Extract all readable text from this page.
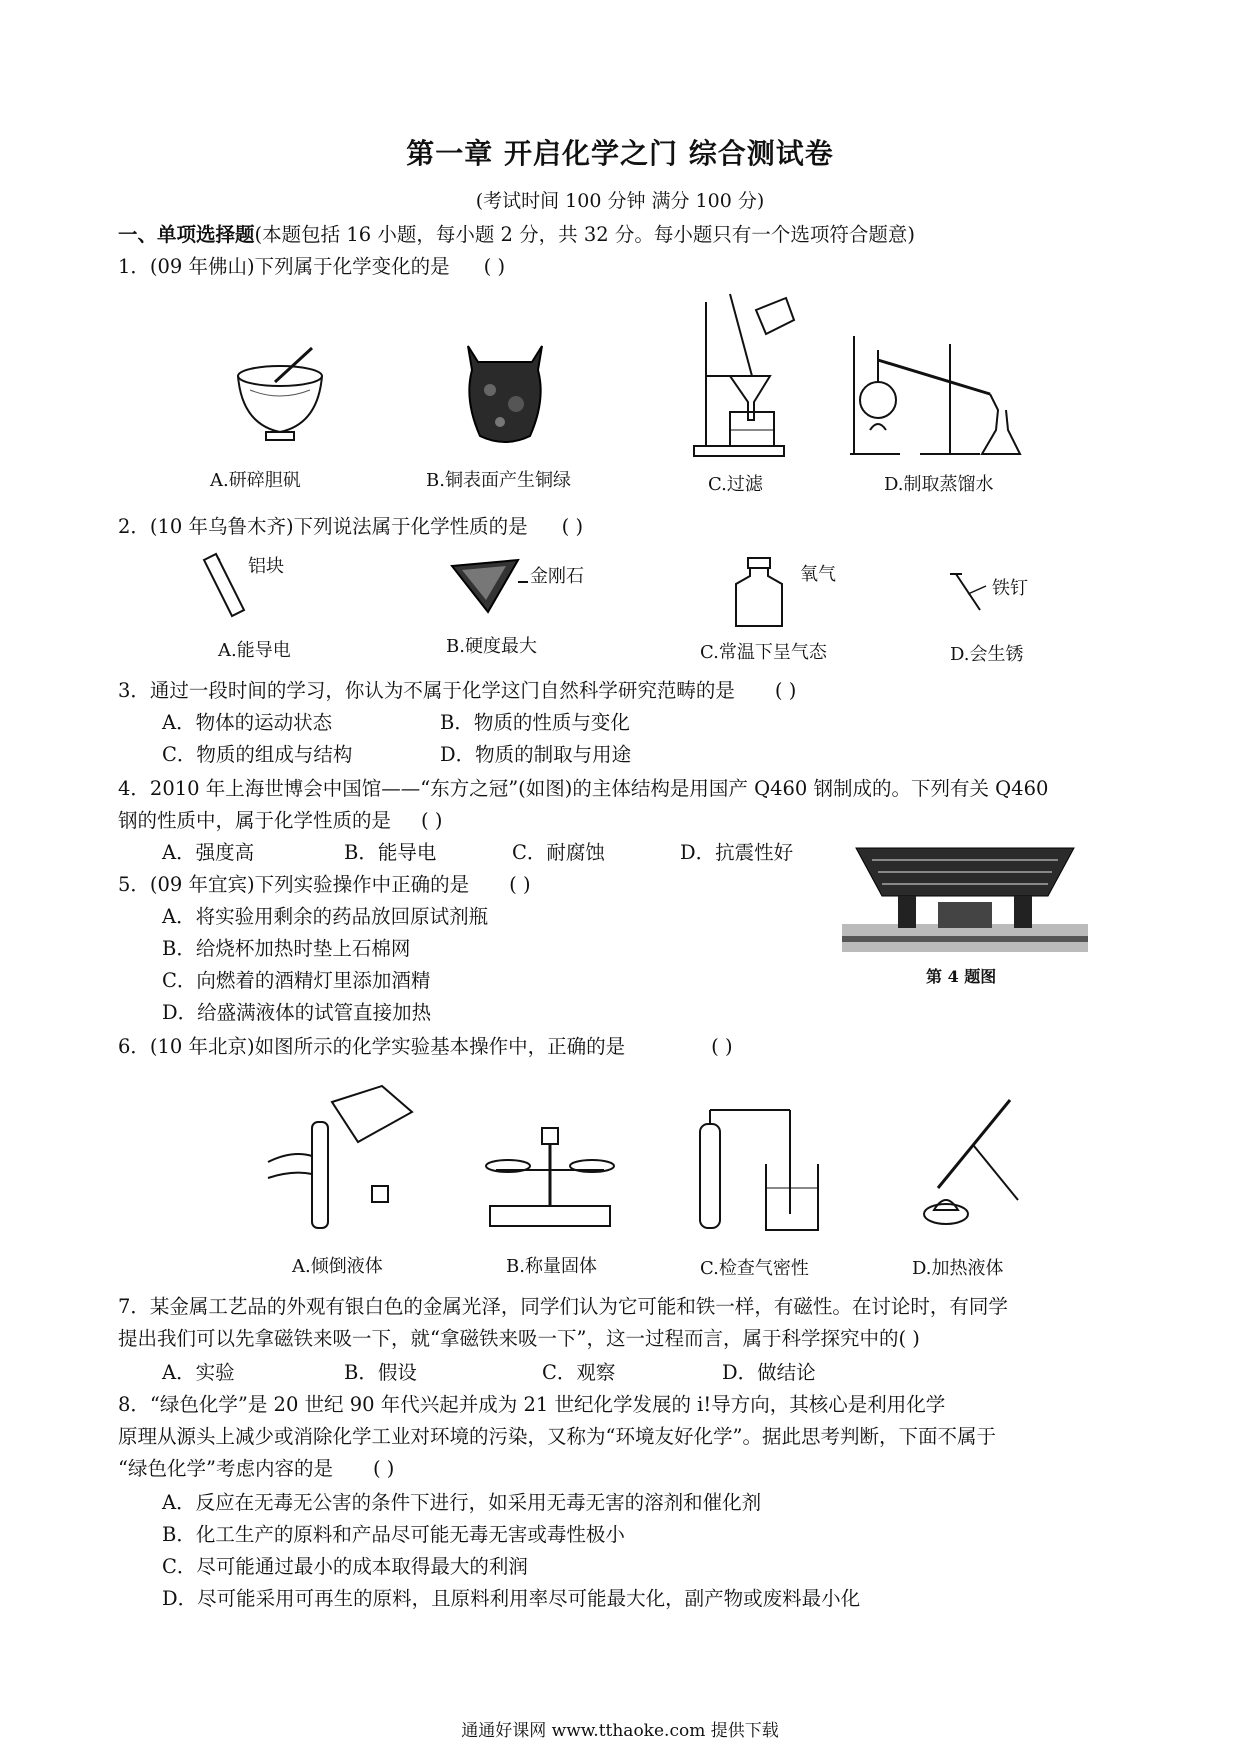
第一章 开启化学之门 综合测试卷
(考试时间 100 分钟 满分 100 分)
一、单项选择题(本题包括 16 小题，每小题 2 分，共 32 分。每小题只有一个选项符合题意)
1．(09 年佛山)下列属于化学变化的是 ( )
A.研碎胆矾	B.铜表面产生铜绿	C.过滤	D.制取蒸馏水
2．(10 年乌鲁木齐)下列说法属于化学性质的是 ( )
铝块	金刚石	氧气
铁钉
A.能导电	B.硬度最大	C.常温下呈气态	D.会生锈
3．通过一段时间的学习，你认为不属于化学这门自然科学研究范畴的是 ( )
A．物体的运动状态	B．物质的性质与变化
C．物质的组成与结构	D．物质的制取与用途
4．2010 年上海世博会中国馆——“东方之冠”(如图)的主体结构是用国产 Q460 钢制成的。下列有关 Q460
钢的性质中，属于化学性质的是 ( )
A．强度高	B．能导电	C．耐腐蚀	D．抗震性好
第 4 题图
5．(09 年宜宾)下列实验操作中正确的是 ( )
A．将实验用剩余的药品放回原试剂瓶
B．给烧杯加热时垫上石棉网
C．向燃着的酒精灯里添加酒精
D．给盛满液体的试管直接加热
6．(10 年北京)如图所示的化学实验基本操作中，正确的是	( )
A.倾倒液体	B.称量固体	C.检查气密性	D.加热液体
7．某金属工艺品的外观有银白色的金属光泽，同学们认为它可能和铁一样，有磁性。在讨论时，有同学
提出我们可以先拿磁铁来吸一下，就“拿磁铁来吸一下”，这一过程而言，属于科学探究中的( )
A．实验	B．假设	C．观察	D．做结论
8．“绿色化学”是 20 世纪 90 年代兴起并成为 21 世纪化学发展的 i!导方向，其核心是利用化学
原理从源头上减少或消除化学工业对环境的污染，又称为“环境友好化学”。据此思考判断，下面不属于
“绿色化学”考虑内容的是 ( )
A．反应在无毒无公害的条件下进行，如采用无毒无害的溶剂和催化剂
B．化工生产的原料和产品尽可能无毒无害或毒性极小
C．尽可能通过最小的成本取得最大的利润
D．尽可能采用可再生的原料，且原料利用率尽可能最大化，副产物或废料最小化
通通好课网 www.tthaoke.com 提供下载
